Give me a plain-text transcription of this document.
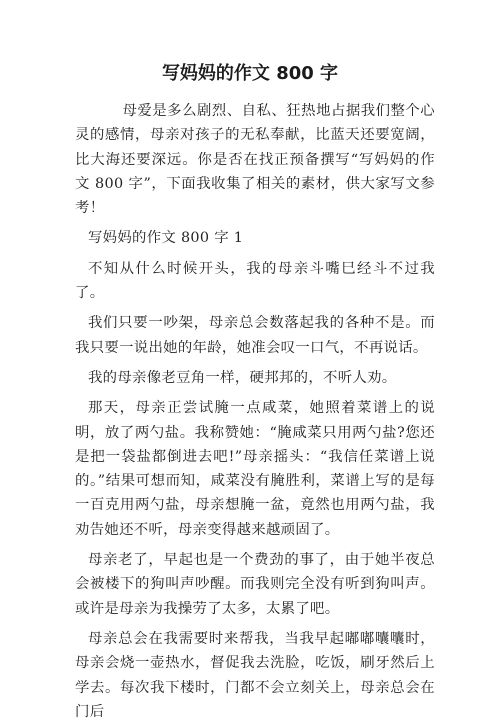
写妈妈的作文 800 字

母爱是多么剧烈、自私、狂热地占据我们整个心灵的感情，母亲对孩子的无私奉献，比蓝天还要宽阔，比大海还要深远。你是否在找正预备撰写“写妈妈的作文 800 字”，下面我收集了相关的素材，供大家写文参考！

写妈妈的作文 800 字 1

不知从什么时候开头，我的母亲斗嘴巳经斗不过我了。

我们只要一吵架，母亲总会数落起我的各种不是。而我只要一说出她的年龄，她准会叹一口气，不再说话。

我的母亲像老豆角一样，硬邦邦的，不听人劝。

那天，母亲正尝试腌一点咸菜，她照着菜谱上的说明，放了两勺盐。我称赞她：“腌咸菜只用两勺盐?您还是把一袋盐都倒进去吧!”母亲摇头：“我信任菜谱上说的。”结果可想而知，咸菜没有腌胜利，菜谱上写的是每一百克用两勺盐，母亲想腌一盆，竟然也用两勺盐，我劝告她还不听，母亲变得越来越顽固了。

母亲老了，早起也是一个费劲的事了，由于她半夜总会被楼下的狗叫声吵醒。而我则完全没有听到狗叫声。或许是母亲为我操劳了太多，太累了吧。

母亲总会在我需要时来帮我，当我早起嘟嘟囔囔时，母亲会烧一壶热水，督促我去洗脸，吃饭，刷牙然后上学去。每次我下楼时，门都不会立刻关上，母亲总会在门后
